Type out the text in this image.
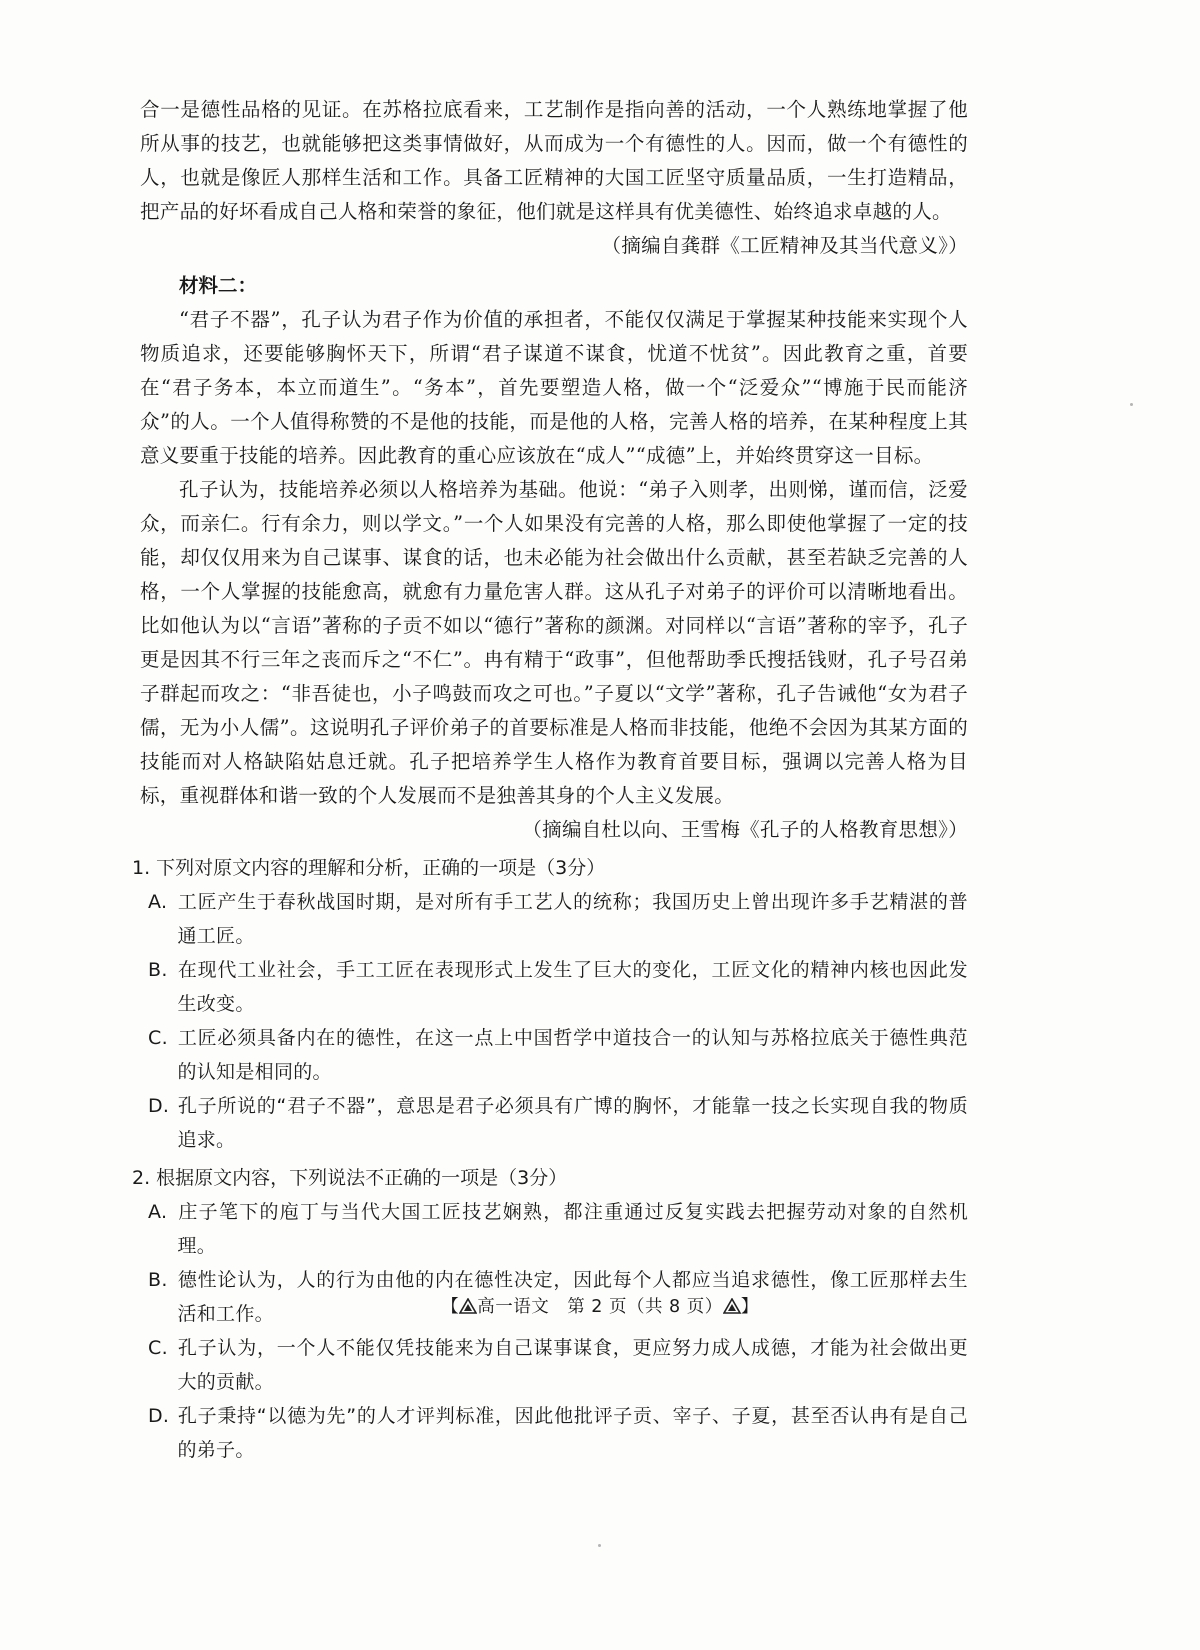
合一是德性品格的见证。在苏格拉底看来，工艺制作是指向善的活动，一个人熟练地掌握了他所从事的技艺，也就能够把这类事情做好，从而成为一个有德性的人。因而，做一个有德性的人，也就是像匠人那样生活和工作。具备工匠精神的大国工匠坚守质量品质，一生打造精品，把产品的好坏看成自己人格和荣誉的象征，他们就是这样具有优美德性、始终追求卓越的人。

（摘编自龚群《工匠精神及其当代意义》）

材料二：

“君子不器”，孔子认为君子作为价值的承担者，不能仅仅满足于掌握某种技能来实现个人物质追求，还要能够胸怀天下，所谓“君子谋道不谋食，忧道不忧贫”。因此教育之重，首要在“君子务本，本立而道生”。“务本”，首先要塑造人格，做一个“泛爱众”“博施于民而能济众”的人。一个人值得称赞的不是他的技能，而是他的人格，完善人格的培养，在某种程度上其意义要重于技能的培养。因此教育的重心应该放在“成人”“成德”上，并始终贯穿这一目标。

孔子认为，技能培养必须以人格培养为基础。他说：“弟子入则孝，出则悌，谨而信，泛爱众，而亲仁。行有余力，则以学文。”一个人如果没有完善的人格，那么即使他掌握了一定的技能，却仅仅用来为自己谋事、谋食的话，也未必能为社会做出什么贡献，甚至若缺乏完善的人格，一个人掌握的技能愈高，就愈有力量危害人群。这从孔子对弟子的评价可以清晰地看出。比如他认为以“言语”著称的子贡不如以“德行”著称的颜渊。对同样以“言语”著称的宰予，孔子更是因其不行三年之丧而斥之“不仁”。冉有精于“政事”，但他帮助季氏搜括钱财，孔子号召弟子群起而攻之：“非吾徒也，小子鸣鼓而攻之可也。”子夏以“文学”著称，孔子告诫他“女为君子儒，无为小人儒”。这说明孔子评价弟子的首要标准是人格而非技能，他绝不会因为其某方面的技能而对人格缺陷姑息迁就。孔子把培养学生人格作为教育首要目标，强调以完善人格为目标，重视群体和谐一致的个人发展而不是独善其身的个人主义发展。

（摘编自杜以向、王雪梅《孔子的人格教育思想》）

1. 下列对原文内容的理解和分析，正确的一项是（3分）

A. 工匠产生于春秋战国时期，是对所有手工艺人的统称；我国历史上曾出现许多手艺精湛的普通工匠。

B. 在现代工业社会，手工工匠在表现形式上发生了巨大的变化，工匠文化的精神内核也因此发生改变。

C. 工匠必须具备内在的德性，在这一点上中国哲学中道技合一的认知与苏格拉底关于德性典范的认知是相同的。

D. 孔子所说的“君子不器”，意思是君子必须具有广博的胸怀，才能靠一技之长实现自我的物质追求。

2. 根据原文内容，下列说法不正确的一项是（3分）

A. 庄子笔下的庖丁与当代大国工匠技艺娴熟，都注重通过反复实践去把握劳动对象的自然机理。

B. 德性论认为，人的行为由他的内在德性决定，因此每个人都应当追求德性，像工匠那样去生活和工作。

C. 孔子认为，一个人不能仅凭技能来为自己谋事谋食，更应努力成人成德，才能为社会做出更大的贡献。

D. 孔子秉持“以德为先”的人才评判标准，因此他批评子贡、宰子、子夏，甚至否认冉有是自己的弟子。

【 高一语文　第 2 页（共 8 页） 】
